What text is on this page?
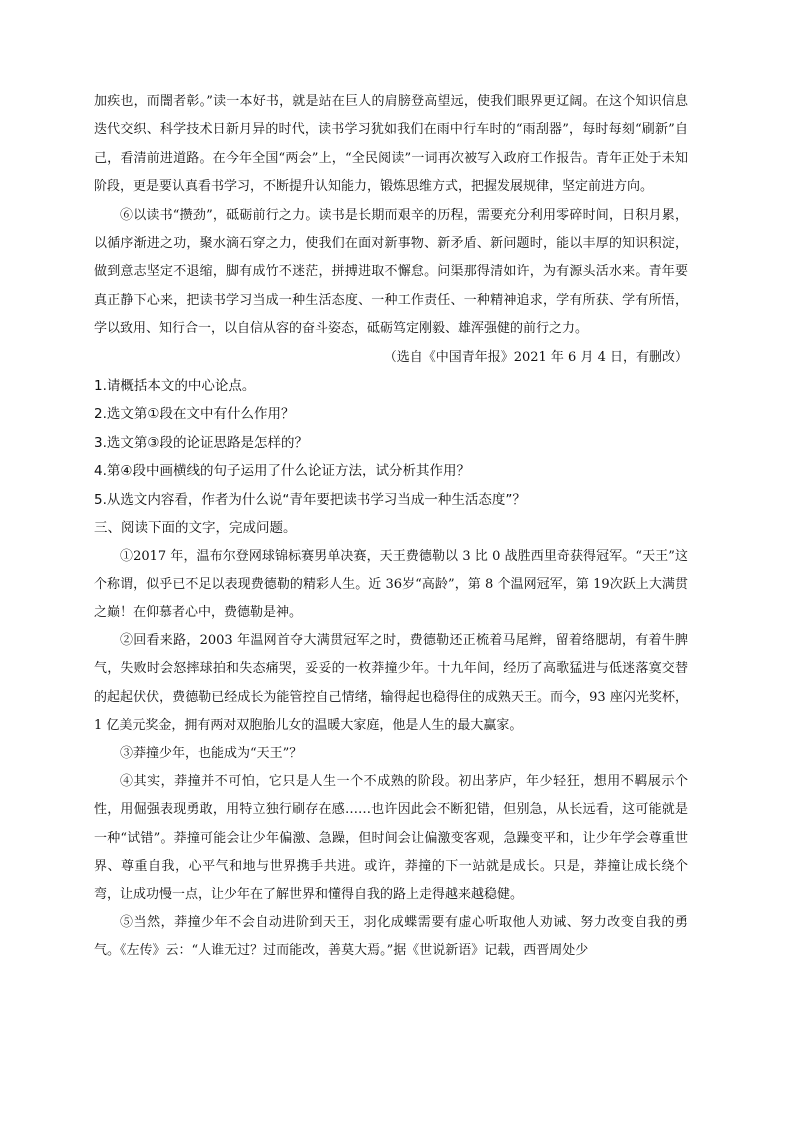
加疾也，而闇者彰。”读一本好书，就是站在巨人的肩膀登高望远，使我们眼界更辽阔。在这个知识信息迭代交织、科学技术日新月异的时代，读书学习犹如我们在雨中行车时的“雨刮器”，每时每刻“刷新”自己，看清前进道路。在今年全国“两会”上，“全民阅读”一词再次被写入政府工作报告。青年正处于未知阶段，更是要认真看书学习，不断提升认知能力，锻炼思维方式，把握发展规律，坚定前进方向。

⑥以读书“攒劲”，砥砺前行之力。读书是长期而艰辛的历程，需要充分利用零碎时间，日积月累，以循序渐进之功，聚水滴石穿之力，使我们在面对新事物、新矛盾、新问题时，能以丰厚的知识积淀，做到意志坚定不退缩，脚有成竹不迷茫，拼搏进取不懈怠。问渠那得清如许，为有源头活水来。青年要真正静下心来，把读书学习当成一种生活态度、一种工作责任、一种精神追求，学有所获、学有所悟，学以致用、知行合一，以自信从容的奋斗姿态，砥砺笃定刚毅、雄浑强健的前行之力。

（选自《中国青年报》2021 年 6 月 4 日，有删改）

1.请概括本文的中心论点。

2.选文第①段在文中有什么作用？

3.选文第③段的论证思路是怎样的？

4.第④段中画横线的句子运用了什么论证方法，试分析其作用？

5.从选文内容看，作者为什么说“青年要把读书学习当成一种生活态度”？

三、阅读下面的文字，完成问题。

①2017 年，温布尔登网球锦标赛男单决赛，天王费德勒以 3 比 0 战胜西里奇获得冠军。“天王”这个称谓，似乎已不足以表现费德勒的精彩人生。近 36岁“高龄”，第 8 个温网冠军，第 19次跃上大满贯之巅！在仰慕者心中，费德勒是神。

②回看来路，2003 年温网首夺大满贯冠军之时，费德勒还正梳着马尾辫，留着络腮胡，有着牛脾气，失败时会怒摔球拍和失态痛哭，妥妥的一枚莽撞少年。十九年间，经历了高歌猛进与低迷落寞交替的起起伏伏，费德勒已经成长为能管控自己情绪，输得起也稳得住的成熟天王。而今，93 座闪光奖杯，1 亿美元奖金，拥有两对双胞胎儿女的温暖大家庭，他是人生的最大赢家。

③莽撞少年，也能成为“天王”？

④其实，莽撞并不可怕，它只是人生一个不成熟的阶段。初出茅庐，年少轻狂，想用不羁展示个性，用倔强表现勇敢，用特立独行刷存在感……也许因此会不断犯错，但别急，从长远看，这可能就是一种“试错”。莽撞可能会让少年偏激、急躁，但时间会让偏激变客观，急躁变平和，让少年学会尊重世界、尊重自我，心平气和地与世界携手共进。或许，莽撞的下一站就是成长。只是，莽撞让成长绕个弯，让成功慢一点，让少年在了解世界和懂得自我的路上走得越来越稳健。

⑤当然，莽撞少年不会自动进阶到天王，羽化成蝶需要有虚心听取他人劝诫、努力改变自我的勇气。《左传》云：“人谁无过？过而能改，善莫大焉。”据《世说新语》记载，西晋周处少
